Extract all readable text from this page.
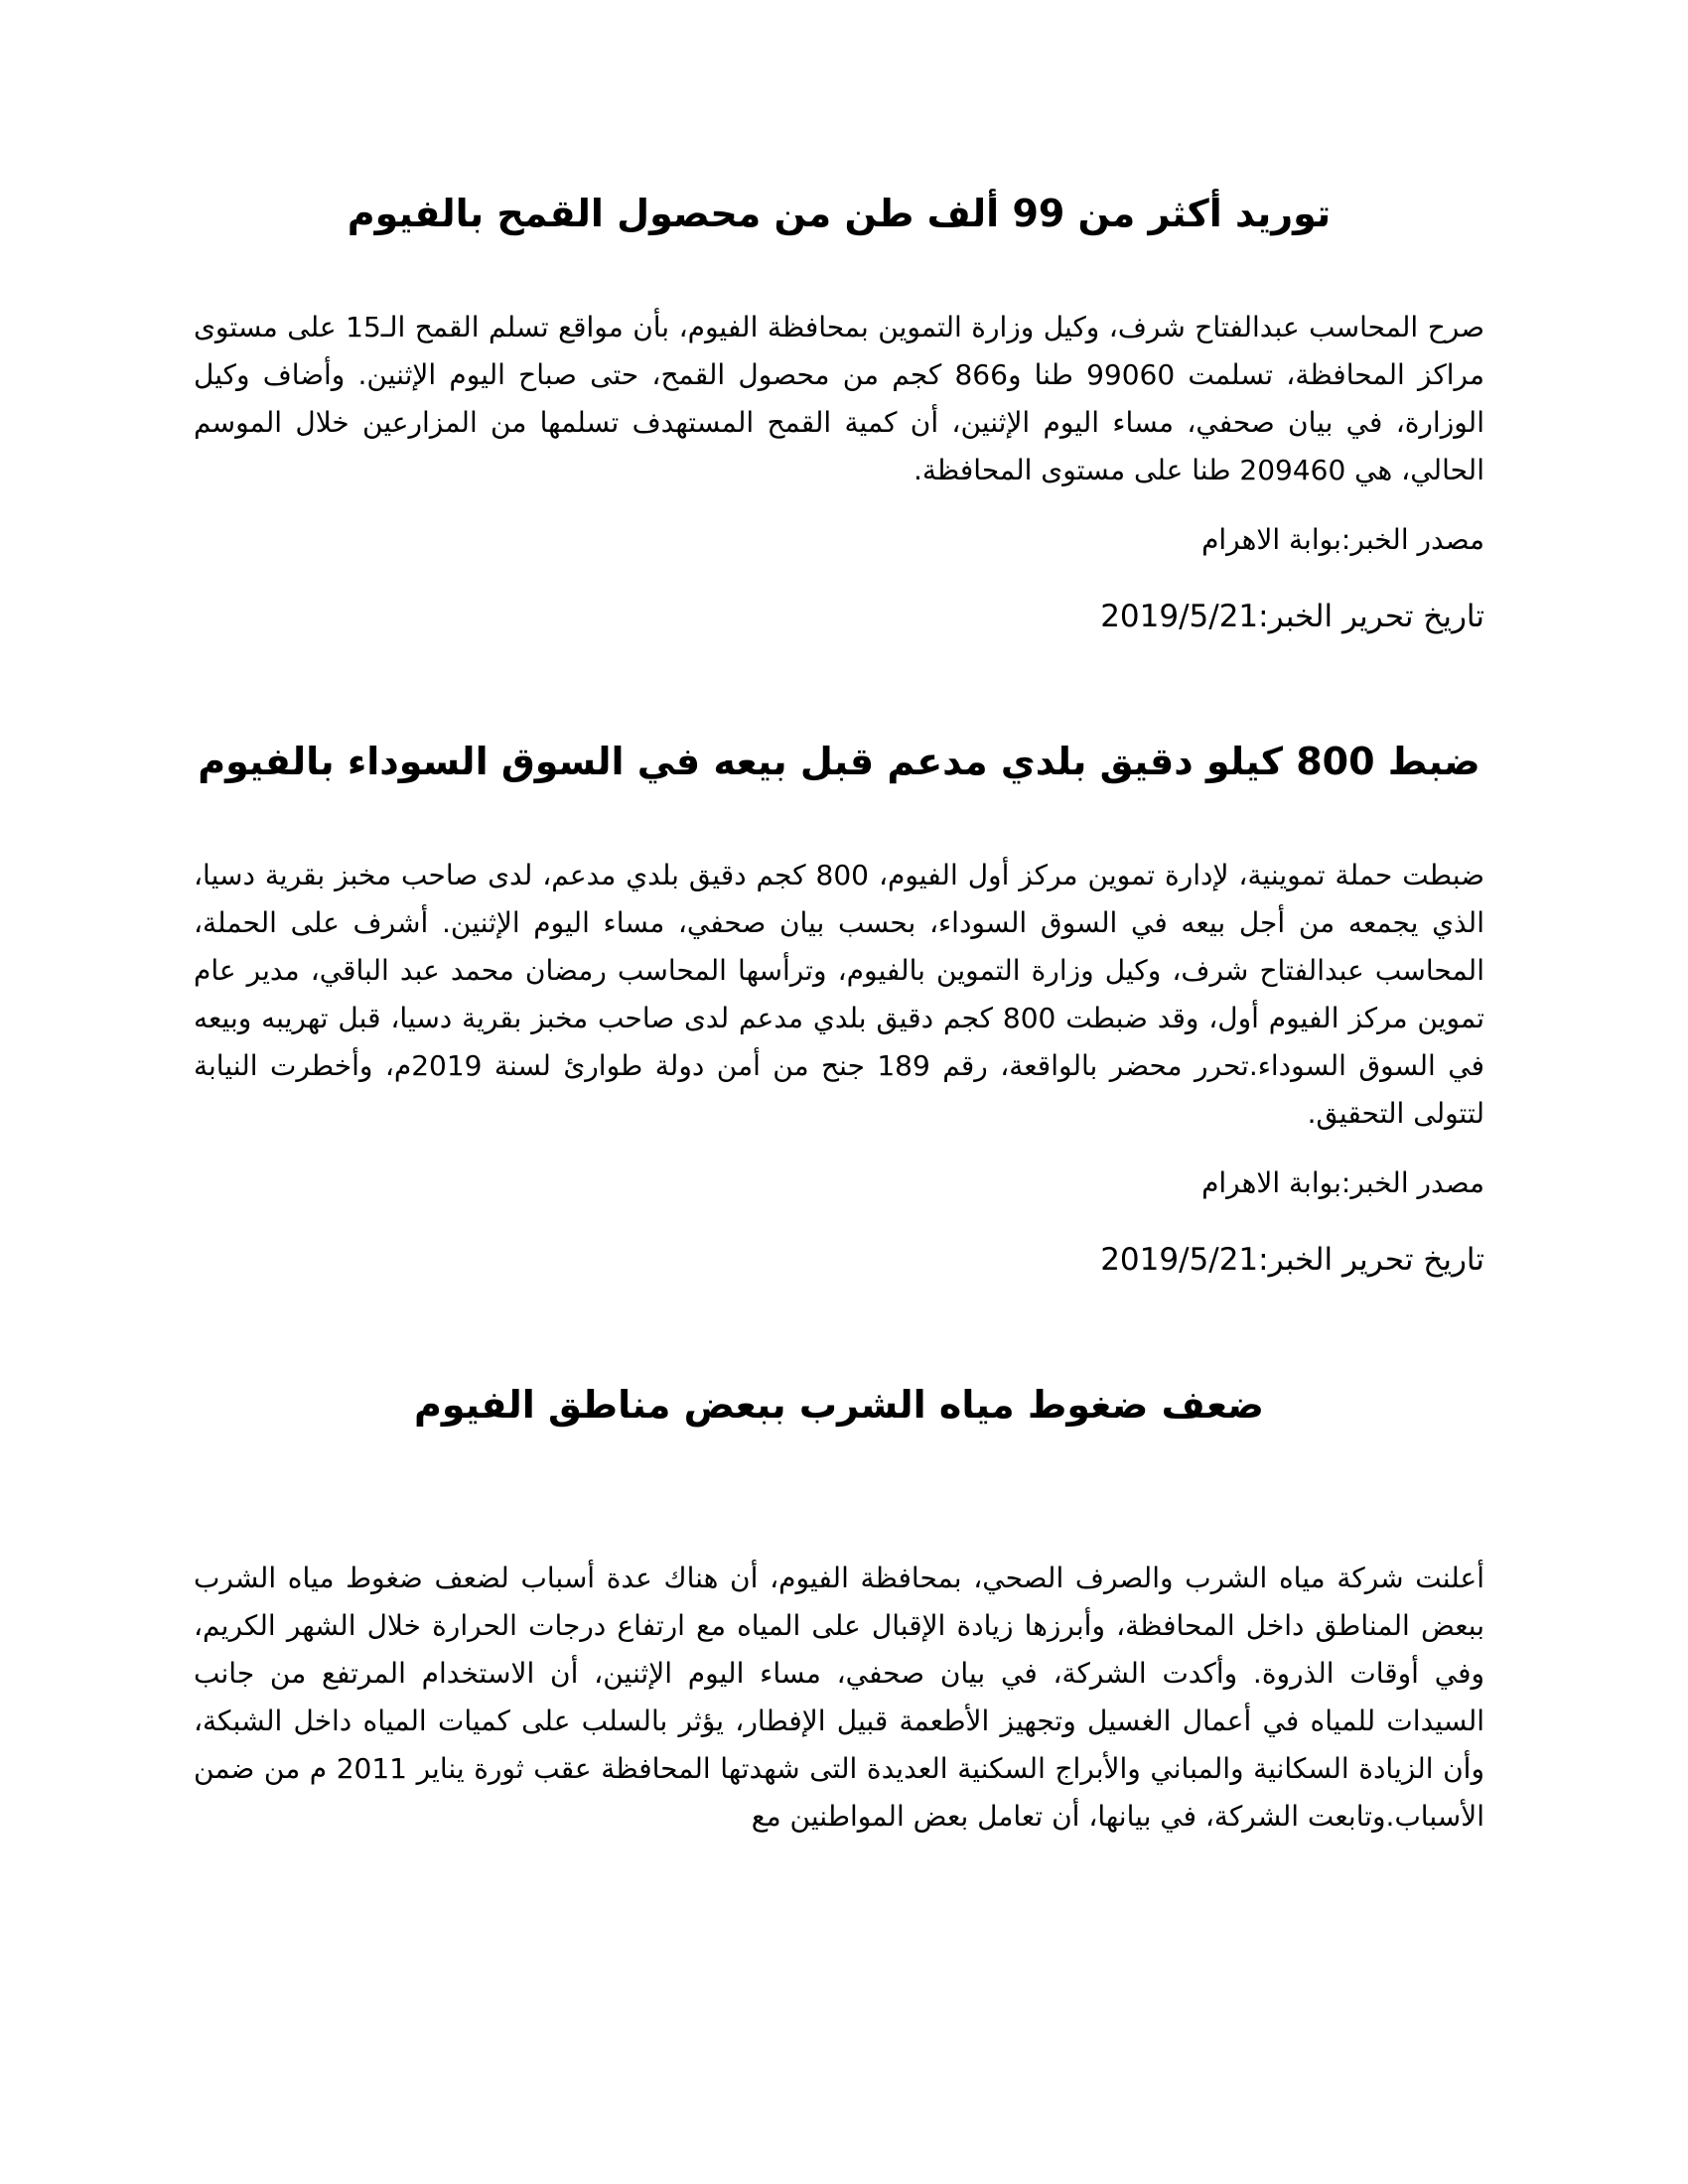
توريد أكثر من 99 ألف طن من محصول القمح بالفيوم

صرح المحاسب عبدالفتاح شرف، وكيل وزارة التموين بمحافظة الفيوم، بأن مواقع تسلم القمح الـ15 على مستوى مراكز المحافظة، تسلمت 99060 طنا و866 كجم من محصول القمح، حتى صباح اليوم الإثنين. وأضاف وكيل الوزارة، في بيان صحفي، مساء اليوم الإثنين، أن كمية القمح المستهدف تسلمها من المزارعين خلال الموسم الحالي، هي 209460 طنا على مستوى المحافظة.

مصدر الخبر:بوابة الاهرام

تاريخ تحرير الخبر:2019/5/21

ضبط 800 كيلو دقيق بلدي مدعم قبل بيعه في السوق السوداء بالفيوم

ضبطت حملة تموينية، لإدارة تموين مركز أول الفيوم، 800 كجم دقيق بلدي مدعم، لدى صاحب مخبز بقرية دسيا، الذي يجمعه من أجل بيعه في السوق السوداء، بحسب بيان صحفي، مساء اليوم الإثنين. أشرف على الحملة، المحاسب عبدالفتاح شرف، وكيل وزارة التموين بالفيوم، وترأسها المحاسب رمضان محمد عبد الباقي، مدير عام تموين مركز الفيوم أول، وقد ضبطت 800 كجم دقيق بلدي مدعم لدى صاحب مخبز بقرية دسيا، قبل تهريبه وبيعه في السوق السوداء.تحرر محضر بالواقعة، رقم 189 جنح من أمن دولة طوارئ لسنة 2019م، وأخطرت النيابة لتتولى التحقيق.

مصدر الخبر:بوابة الاهرام

تاريخ تحرير الخبر:2019/5/21

ضعف ضغوط مياه الشرب ببعض مناطق الفيوم

أعلنت شركة مياه الشرب والصرف الصحي، بمحافظة الفيوم، أن هناك عدة أسباب لضعف ضغوط مياه الشرب ببعض المناطق داخل المحافظة، وأبرزها زيادة الإقبال على المياه مع ارتفاع درجات الحرارة خلال الشهر الكريم، وفي أوقات الذروة. وأكدت الشركة، في بيان صحفي، مساء اليوم الإثنين، أن الاستخدام المرتفع من جانب السيدات للمياه في أعمال الغسيل وتجهيز الأطعمة قبيل الإفطار، يؤثر بالسلب على كميات المياه داخل الشبكة، وأن الزيادة السكانية والمباني والأبراج السكنية العديدة التى شهدتها المحافظة عقب ثورة يناير 2011 م من ضمن الأسباب.وتابعت الشركة، في بيانها، أن تعامل بعض المواطنين مع
